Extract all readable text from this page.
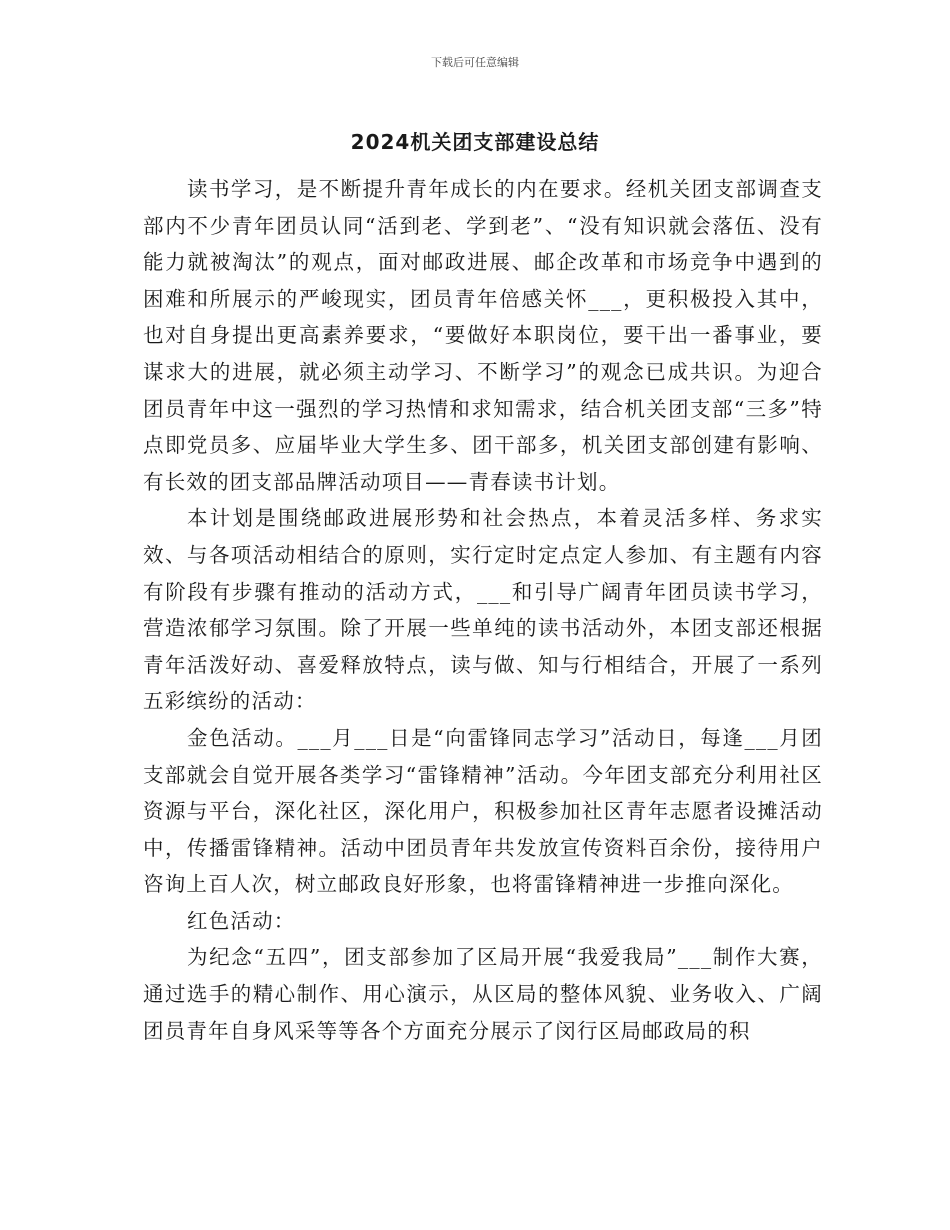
下载后可任意编辑
2024机关团支部建设总结

读书学习，是不断提升青年成长的内在要求。经机关团支部调查支部内不少青年团员认同“活到老、学到老”、“没有知识就会落伍、没有能力就被淘汰”的观点，面对邮政进展、邮企改革和市场竞争中遇到的困难和所展示的严峻现实，团员青年倍感关怀___，更积极投入其中，也对自身提出更高素养要求，“要做好本职岗位，要干出一番事业，要谋求大的进展，就必须主动学习、不断学习”的观念已成共识。为迎合团员青年中这一强烈的学习热情和求知需求，结合机关团支部“三多”特点即党员多、应届毕业大学生多、团干部多，机关团支部创建有影响、有长效的团支部品牌活动项目——青春读书计划。

本计划是围绕邮政进展形势和社会热点，本着灵活多样、务求实效、与各项活动相结合的原则，实行定时定点定人参加、有主题有内容有阶段有步骤有推动的活动方式，___和引导广阔青年团员读书学习，营造浓郁学习氛围。除了开展一些单纯的读书活动外，本团支部还根据青年活泼好动、喜爱释放特点，读与做、知与行相结合，开展了一系列五彩缤纷的活动：

金色活动。___月___日是“向雷锋同志学习”活动日，每逢___月团支部就会自觉开展各类学习“雷锋精神”活动。今年团支部充分利用社区资源与平台，深化社区，深化用户，积极参加社区青年志愿者设摊活动中，传播雷锋精神。活动中团员青年共发放宣传资料百余份，接待用户咨询上百人次，树立邮政良好形象，也将雷锋精神进一步推向深化。

红色活动：

为纪念“五四”，团支部参加了区局开展“我爱我局”___制作大赛，通过选手的精心制作、用心演示，从区局的整体风貌、业务收入、广阔团员青年自身风采等等各个方面充分展示了闵行区局邮政局的积
